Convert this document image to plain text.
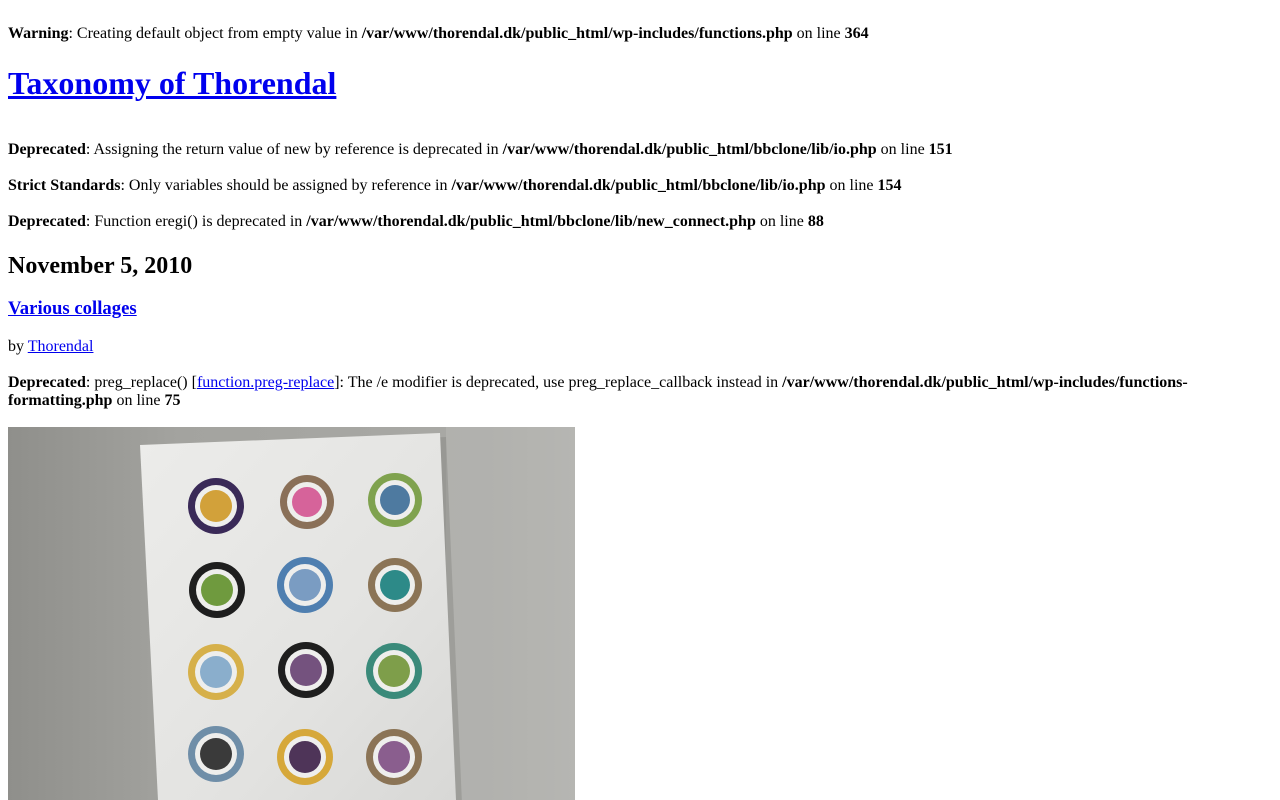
Warning: Creating default object from empty value in /var/www/thorendal.dk/public_html/wp-includes/functions.php on line 364
Taxonomy of Thorendal
Deprecated: Assigning the return value of new by reference is deprecated in /var/www/thorendal.dk/public_html/bbclone/lib/io.php on line 151
Strict Standards: Only variables should be assigned by reference in /var/www/thorendal.dk/public_html/bbclone/lib/io.php on line 154
Deprecated: Function eregi() is deprecated in /var/www/thorendal.dk/public_html/bbclone/lib/new_connect.php on line 88
November 5, 2010
Various collages
by Thorendal
Deprecated: preg_replace() [function.preg-replace]: The /e modifier is deprecated, use preg_replace_callback instead in /var/www/thorendal.dk/public_html/wp-includes/functions-formatting.php on line 75
